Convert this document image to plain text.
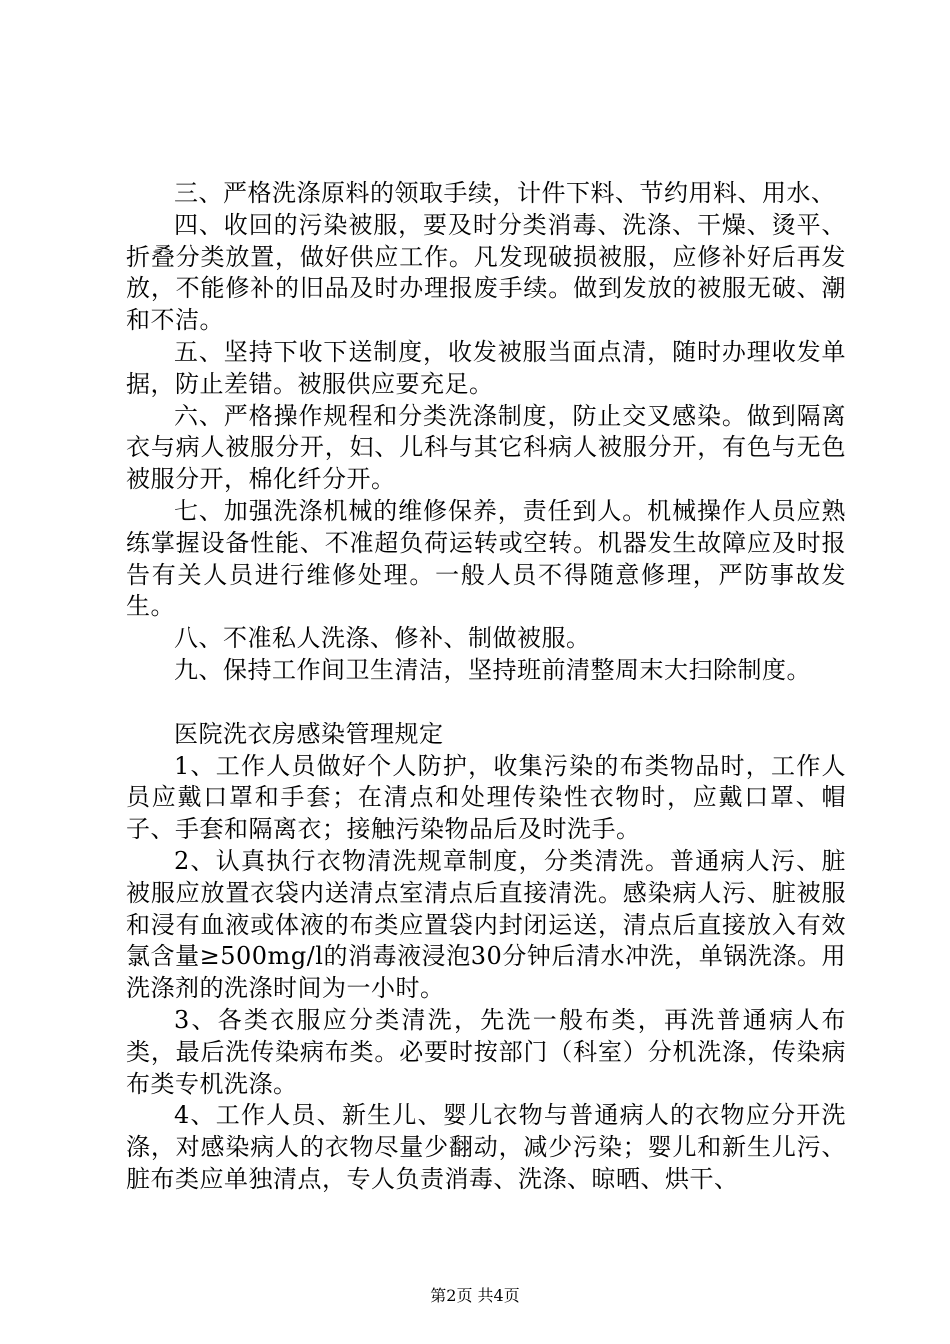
三、严格洗涤原料的领取手续，计件下料、节约用料、用水、

四、收回的污染被服，要及时分类消毒、洗涤、干燥、烫平、折叠分类放置，做好供应工作。凡发现破损被服，应修补好后再发放，不能修补的旧品及时办理报废手续。做到发放的被服无破、潮和不洁。

五、坚持下收下送制度，收发被服当面点清，随时办理收发单据，防止差错。被服供应要充足。

六、严格操作规程和分类洗涤制度，防止交叉感染。做到隔离衣与病人被服分开，妇、儿科与其它科病人被服分开，有色与无色被服分开，棉化纤分开。

七、加强洗涤机械的维修保养，责任到人。机械操作人员应熟练掌握设备性能、不准超负荷运转或空转。机器发生故障应及时报告有关人员进行维修处理。一般人员不得随意修理，严防事故发生。

八、不准私人洗涤、修补、制做被服。

九、保持工作间卫生清洁，坚持班前清整周末大扫除制度。

医院洗衣房感染管理规定

1、工作人员做好个人防护，收集污染的布类物品时，工作人员应戴口罩和手套；在清点和处理传染性衣物时，应戴口罩、帽子、手套和隔离衣；接触污染物品后及时洗手。

2、认真执行衣物清洗规章制度，分类清洗。普通病人污、脏被服应放置衣袋内送清点室清点后直接清洗。感染病人污、脏被服和浸有血液或体液的布类应置袋内封闭运送，清点后直接放入有效氯含量≥500mg/l的消毒液浸泡30分钟后清水冲洗，单锅洗涤。用洗涤剂的洗涤时间为一小时。

3、各类衣服应分类清洗，先洗一般布类，再洗普通病人布类，最后洗传染病布类。必要时按部门（科室）分机洗涤，传染病布类专机洗涤。

4、工作人员、新生儿、婴儿衣物与普通病人的衣物应分开洗涤，对感染病人的衣物尽量少翻动，减少污染；婴儿和新生儿污、脏布类应单独清点，专人负责消毒、洗涤、晾晒、烘干、

第2页 共4页
